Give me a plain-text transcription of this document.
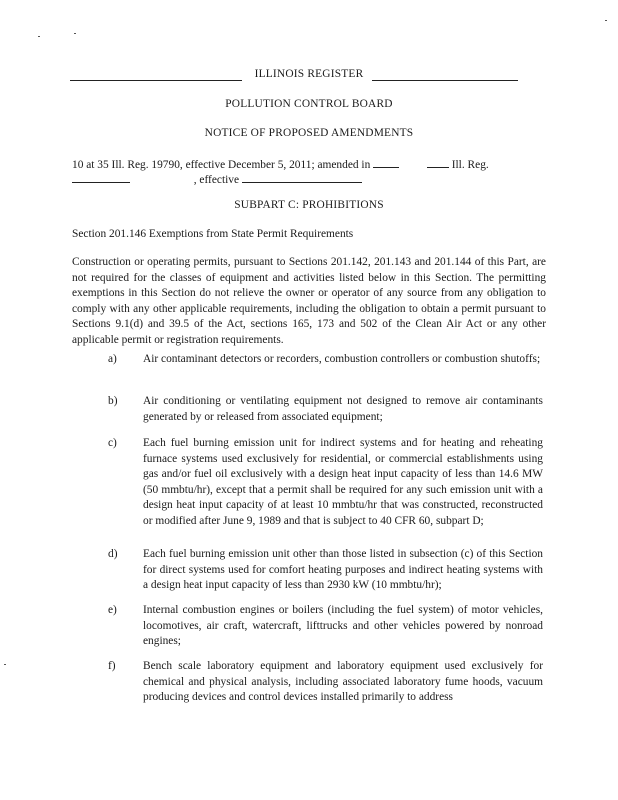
ILLINOIS REGISTER
POLLUTION CONTROL BOARD
NOTICE OF PROPOSED AMENDMENTS
10 at 35 Ill. Reg. 19790, effective December 5, 2011; amended in	Ill. Reg.
, effective
SUBPART C: PROHIBITIONS
Section 201.146 Exemptions from State Permit Requirements
Construction or operating permits, pursuant to Sections 201.142, 201.143 and 201.144 of this Part, are not required for the classes of equipment and activities listed below in this Section. The permitting exemptions in this Section do not relieve the owner or operator of any source from any obligation to comply with any other applicable requirements, including the obligation to obtain a permit pursuant to Sections 9.1(d) and 39.5 of the Act, sections 165, 173 and 502 of the Clean Air Act or any other applicable permit or registration requirements.
a)	Air contaminant detectors or recorders, combustion controllers or combustion shutoffs;
b)	Air conditioning or ventilating equipment not designed to remove air contaminants generated by or released from associated equipment;
c)	Each fuel burning emission unit for indirect systems and for heating and reheating furnace systems used exclusively for residential, or commercial establishments using gas and/or fuel oil exclusively with a design heat input capacity of less than 14.6 MW (50 mmbtu/hr), except that a permit shall be required for any such emission unit with a design heat input capacity of at least 10 mmbtu/hr that was constructed, reconstructed or modified after June 9, 1989 and that is subject to 40 CFR 60, subpart D;
d)	Each fuel burning emission unit other than those listed in subsection (c) of this Section for direct systems used for comfort heating purposes and indirect heating systems with a design heat input capacity of less than 2930 kW (10 mmbtu/hr);
e)	Internal combustion engines or boilers (including the fuel system) of motor vehicles, locomotives, air craft, watercraft, lifttrucks and other vehicles powered by nonroad engines;
f)	Bench scale laboratory equipment and laboratory equipment used exclusively for chemical and physical analysis, including associated laboratory fume hoods, vacuum producing devices and control devices installed primarily to address
